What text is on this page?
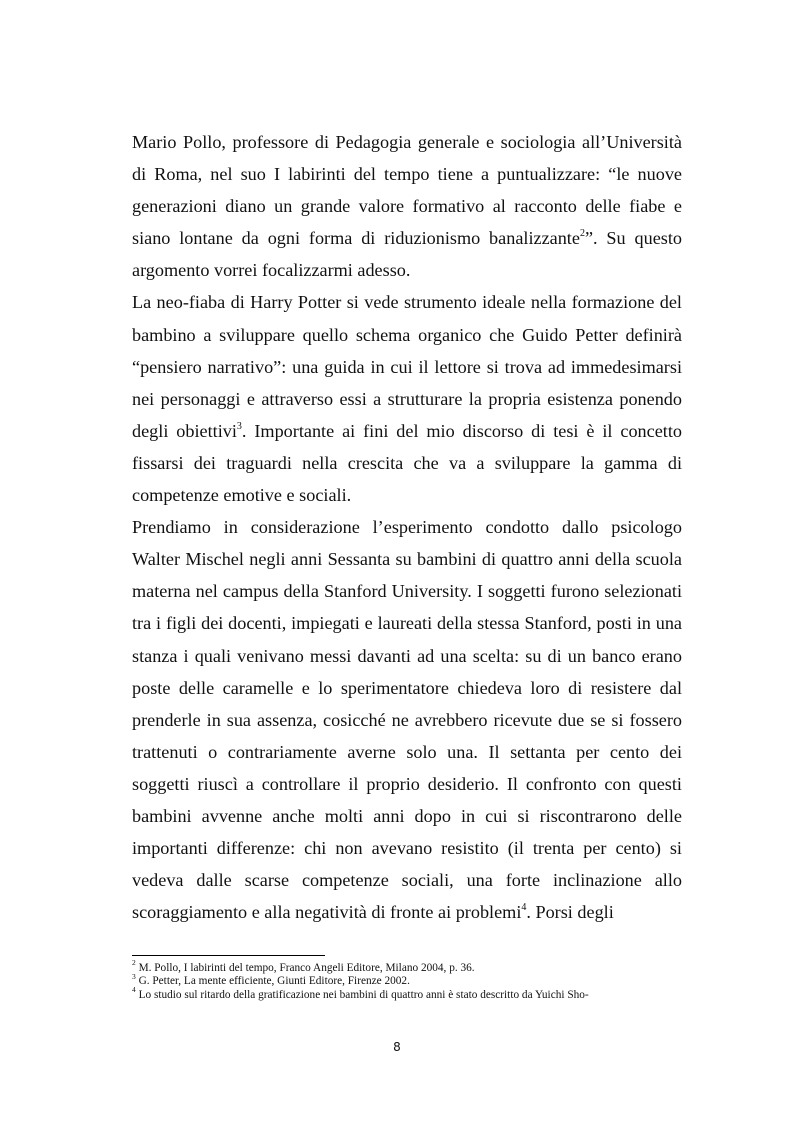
Mario Pollo, professore di Pedagogia generale e sociologia all’Università di Roma, nel suo I labirinti del tempo tiene a puntualizzare: “le nuove generazioni diano un grande valore formativo al racconto delle fiabe e siano lontane da ogni forma di riduzionismo banalizzante$^2$”. Su questo argomento vorrei focalizzarmi adesso.

La neo-fiaba di Harry Potter si vede strumento ideale nella formazione del bambino a sviluppare quello schema organico che Guido Petter definirà “pensiero narrativo”: una guida in cui il lettore si trova ad immedesimarsi nei personaggi e attraverso essi a strutturare la propria esistenza ponendo degli obiettivi$^3$. Importante ai fini del mio discorso di tesi è il concetto fissarsi dei traguardi nella crescita che va a sviluppare la gamma di competenze emotive e sociali.

Prendiamo in considerazione l’esperimento condotto dallo psicologo Walter Mischel negli anni Sessanta su bambini di quattro anni della scuola materna nel campus della Stanford University. I soggetti furono selezionati tra i figli dei docenti, impiegati e laureati della stessa Stanford, posti in una stanza i quali venivano messi davanti ad una scelta: su di un banco erano poste delle caramelle e lo sperimentatore chiedeva loro di resistere dal prenderle in sua assenza, cosicché ne avrebbero ricevute due se si fossero trattenuti o contrariamente averne solo una. Il settanta per cento dei soggetti riuscì a controllare il proprio desiderio. Il confronto con questi bambini avvenne anche molti anni dopo in cui si riscontrarono delle importanti differenze: chi non avevano resistito (il trenta per cento) si vedeva dalle scarse competenze sociali, una forte inclinazione allo scoraggiamento e alla negatività di fronte ai problemi$^4$. Porsi degli

$^2$ M. Pollo, I labirinti del tempo, Franco Angeli Editore, Milano 2004, p. 36.
$^3$ G. Petter, La mente efficiente, Giunti Editore, Firenze 2002.
$^4$ Lo studio sul ritardo della gratificazione nei bambini di quattro anni è stato descritto da Yuichi Sho-
8
